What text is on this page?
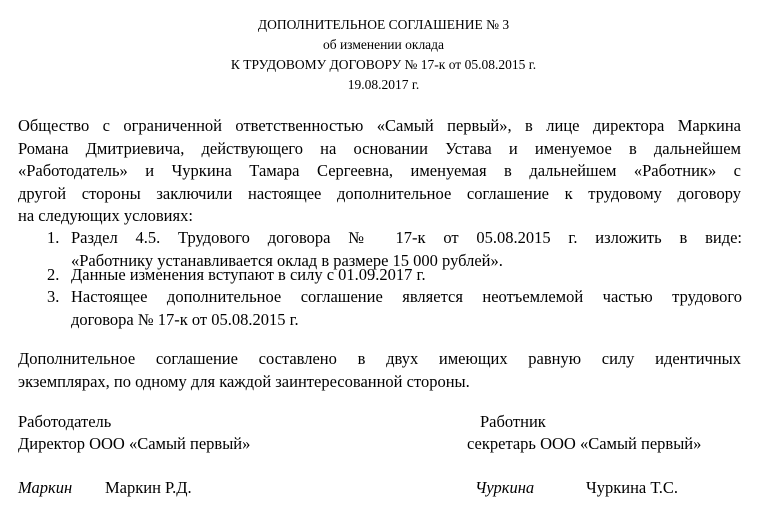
ДОПОЛНИТЕЛЬНОЕ СОГЛАШЕНИЕ № 3
об изменении оклада
К ТРУДОВОМУ ДОГОВОРУ № 17-к от 05.08.2015 г.
19.08.2017 г.
Общество с ограниченной ответственностью «Самый первый», в лице директора Маркина
Романа Дмитриевича, действующего на основании Устава и именуемое в дальнейшем
«Работодатель» и Чуркина Тамара Сергеевна, именуемая в дальнейшем «Работник» с
другой стороны заключили настоящее дополнительное соглашение к трудовому договору
на следующих условиях:
1. Раздел 4.5. Трудового договора № 17-к от 05.08.2015 г. изложить в виде:
«Работнику устанавливается оклад в размере 15 000 рублей».
2. Данные изменения вступают в силу с 01.09.2017 г.
3. Настоящее дополнительное соглашение является неотъемлемой частью трудового
договора № 17-к от 05.08.2015 г.
Дополнительное соглашение составлено в двух имеющих равную силу идентичных
экземплярах, по одному для каждой заинтересованной стороны.
Работодатель
Директор ООО «Самый первый»
Маркин Маркин Р.Д.
Работник
секретарь ООО «Самый первый»
Чуркина	Чуркина Т.С.
